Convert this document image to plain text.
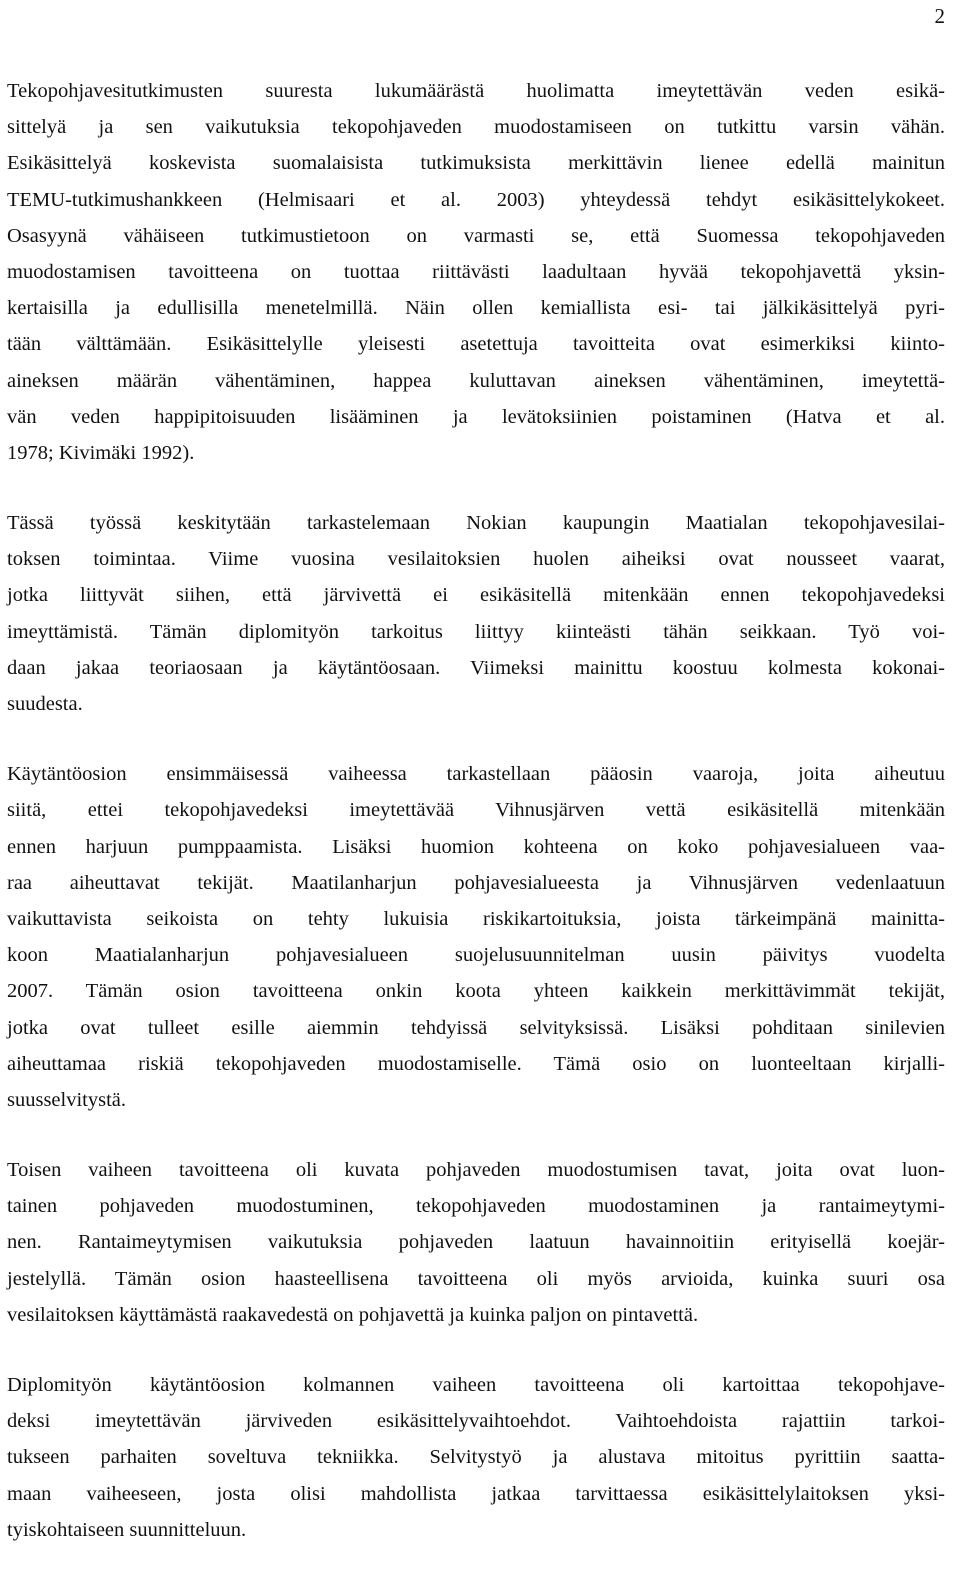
2
Tekopohjavesitutkimusten suuresta lukumäärästä huolimatta imeytettävän veden esikä-
sittelyä ja sen vaikutuksia tekopohjaveden muodostamiseen on tutkittu varsin vähän.
Esikäsittelyä koskevista suomalaisista tutkimuksista merkittävin lienee edellä mainitun
TEMU-tutkimushankkeen (Helmisaari et al. 2003) yhteydessä tehdyt esikäsittelykokeet.
Osasyynä vähäiseen tutkimustietoon on varmasti se, että Suomessa tekopohjaveden
muodostamisen tavoitteena on tuottaa riittävästi laadultaan hyvää tekopohjavettä yksin-
kertaisilla ja edullisilla menetelmillä. Näin ollen kemiallista esi- tai jälkikäsittelyä pyri-
tään välttämään. Esikäsittelylle yleisesti asetettuja tavoitteita ovat esimerkiksi kiinto-
aineksen määrän vähentäminen, happea kuluttavan aineksen vähentäminen, imeytettä-
vän veden happipitoisuuden lisääminen ja levätoksiinien poistaminen (Hatva et al.
1978; Kivimäki 1992).
Tässä työssä keskitytään tarkastelemaan Nokian kaupungin Maatialan tekopohjavesilai-
toksen toimintaa. Viime vuosina vesilaitoksien huolen aiheiksi ovat nousseet vaarat,
jotka liittyvät siihen, että järvivettä ei esikäsitellä mitenkään ennen tekopohjavedeksi
imeyttämistä. Tämän diplomityön tarkoitus liittyy kiinteästi tähän seikkaan. Työ voi-
daan jakaa teoriaosaan ja käytäntöosaan. Viimeksi mainittu koostuu kolmesta kokonai-
suudesta.
Käytäntöosion ensimmäisessä vaiheessa tarkastellaan pääosin vaaroja, joita aiheutuu
siitä, ettei tekopohjavedeksi imeytettävää Vihnusjärven vettä esikäsitellä mitenkään
ennen harjuun pumppaamista. Lisäksi huomion kohteena on koko pohjavesialueen vaa-
raa aiheuttavat tekijät. Maatilanharjun pohjavesialueesta ja Vihnusjärven vedenlaatuun
vaikuttavista seikoista on tehty lukuisia riskikartoituksia, joista tärkeimpänä mainitta-
koon Maatialanharjun pohjavesialueen suojelusuunnitelman uusin päivitys vuodelta
2007. Tämän osion tavoitteena onkin koota yhteen kaikkein merkittävimmät tekijät,
jotka ovat tulleet esille aiemmin tehdyissä selvityksissä. Lisäksi pohditaan sinilevien
aiheuttamaa riskiä tekopohjaveden muodostamiselle. Tämä osio on luonteeltaan kirjalli-
suusselvitystä.
Toisen vaiheen tavoitteena oli kuvata pohjaveden muodostumisen tavat, joita ovat luon-
tainen pohjaveden muodostuminen, tekopohjaveden muodostaminen ja rantaimeytymi-
nen. Rantaimeytymisen vaikutuksia pohjaveden laatuun havainnoitiin erityisellä koejär-
jestelyllä. Tämän osion haasteellisena tavoitteena oli myös arvioida, kuinka suuri osa
vesilaitoksen käyttämästä raakavedestä on pohjavettä ja kuinka paljon on pintavettä.
Diplomityön käytäntöosion kolmannen vaiheen tavoitteena oli kartoittaa tekopohjave-
deksi imeytettävän järviveden esikäsittelyvaihtoehdot. Vaihtoehdoista rajattiin tarkoi-
tukseen parhaiten soveltuva tekniikka. Selvitystyö ja alustava mitoitus pyrittiin saatta-
maan vaiheeseen, josta olisi mahdollista jatkaa tarvittaessa esikäsittelylaitoksen yksi-
tyiskohtaiseen suunnitteluun.
